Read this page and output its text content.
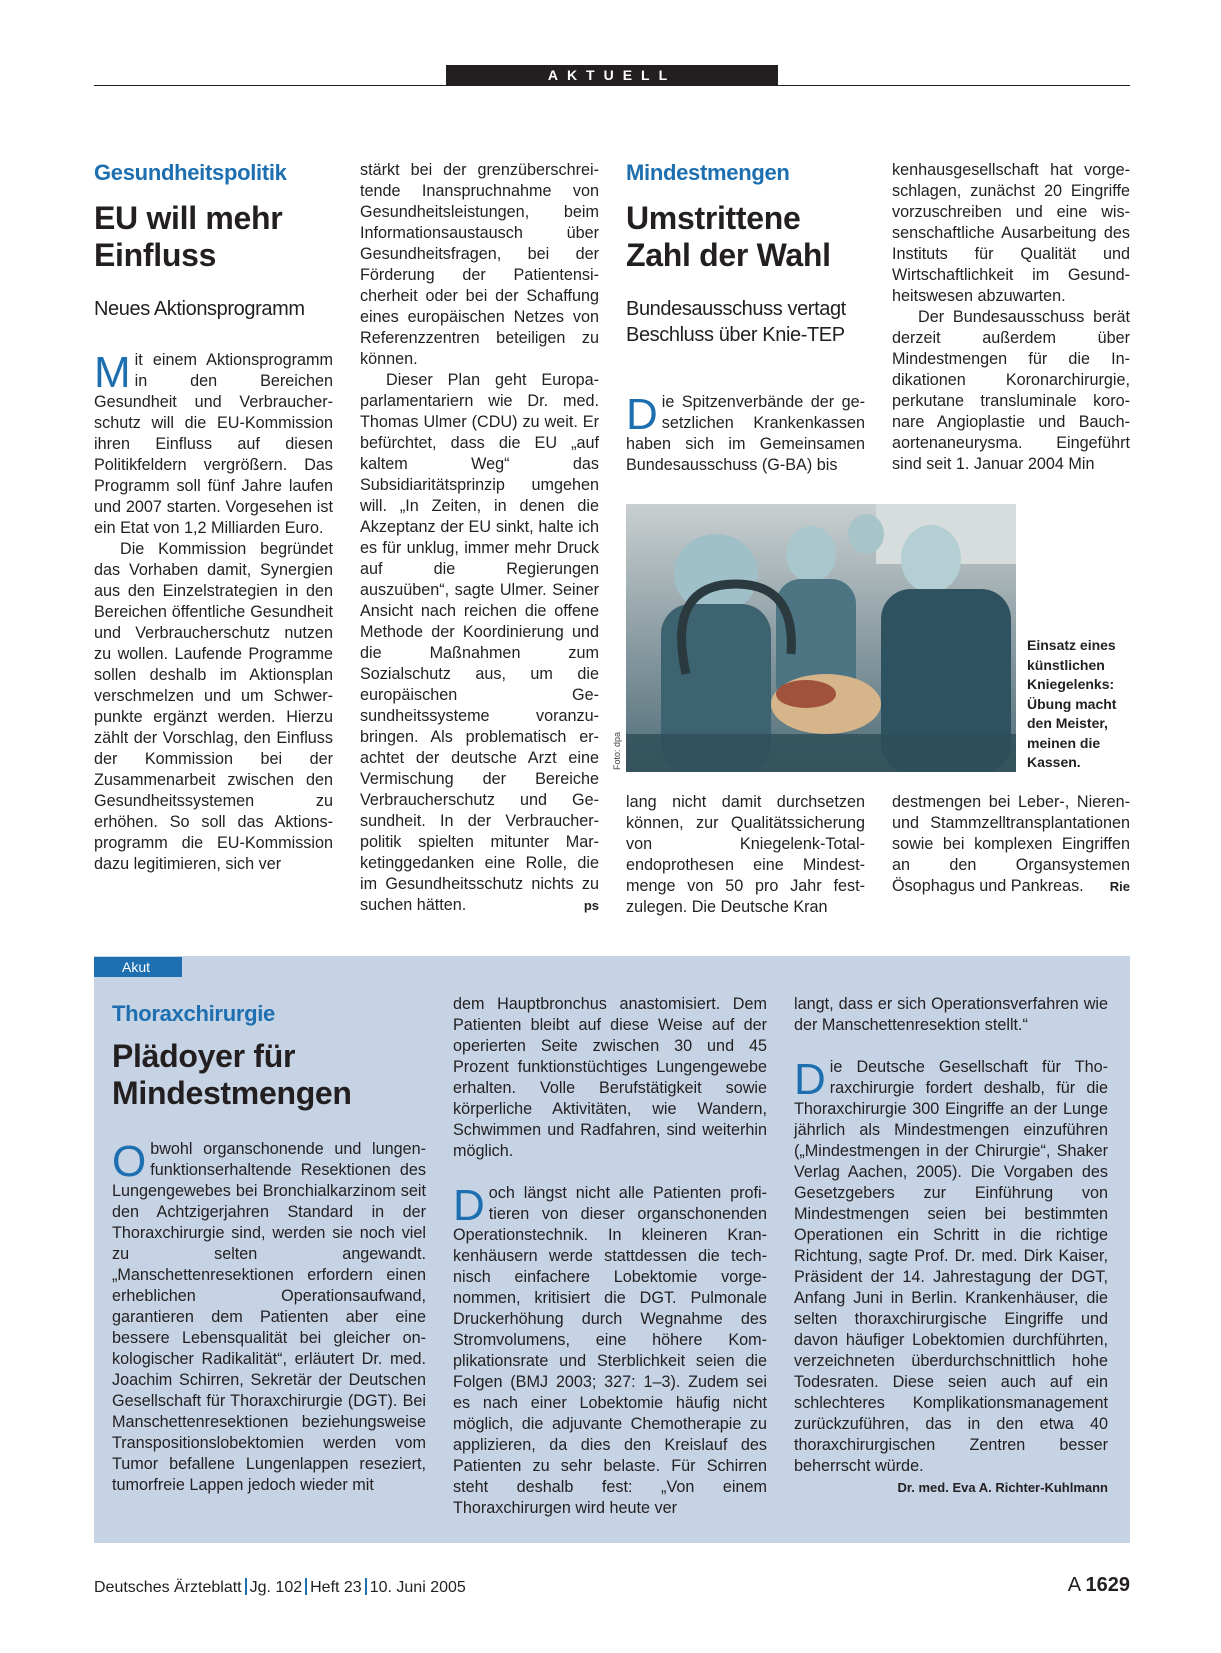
AKTUELL
Gesundheitspolitik
EU will mehr
Einfluss
Neues Aktionsprogramm

Mit einem Aktionsprogramm in den Bereichen Gesundheit und Verbraucherschutz will die EU-Kommission ihren Einfluss auf diesen Politikfeldern vergrößern. Das Programm soll fünf Jahre laufen und 2007 starten. Vorgesehen ist ein Etat von 1,2 Milliarden Euro.

Die Kommission begründet das Vorhaben damit, Synergien aus den Einzelstrategien in den Bereichen öffentliche Gesundheit und Verbraucherschutz nutzen zu wollen. Laufende Programme sollen deshalb im Aktionsplan verschmelzen und um Schwerpunkte ergänzt werden. Hierzu zählt der Vorschlag, den Einfluss der Kommission bei der Zusammenarbeit zwischen den Gesundheitssystemen zu erhöhen. So soll das Aktionsprogramm die EU-Kommission dazu legitimieren, sich ver

stärkt bei der grenzüberschreitende Inanspruchnahme von Gesundheitsleistungen, beim Informationsaustausch über Gesundheitsfragen, bei der Förderung der Patientensicherheit oder bei der Schaffung eines europäischen Netzes von Referenzzentren beteiligen zu können.

Dieser Plan geht Europaparlamentariern wie Dr. med. Thomas Ulmer (CDU) zu weit. Er befürchtet, dass die EU „auf kaltem Weg“ das Subsidiaritätsprinzip umgehen will. „In Zeiten, in denen die Akzeptanz der EU sinkt, halte ich es für unklug, immer mehr Druck auf die Regierungen auszuüben“, sagte Ulmer. Seiner Ansicht nach reichen die offene Methode der Koordinierung und die Maßnahmen zum Sozialschutz aus, um die europäischen Gesundheitssysteme voranzubringen. Als problematisch erachtet der deutsche Arzt eine Vermischung der Bereiche Verbraucherschutz und Gesundheit. In der Verbraucherpolitik spielten mitunter Marketinggedanken eine Rolle, die im Gesundheitsschutz nichts zu suchen hätten.	ps

Mindestmengen
Umstrittene
Zahl der Wahl
Bundesausschuss vertagt
Beschluss über Knie-TEP

Die Spitzenverbände der gesetzlichen Krankenkassen haben sich im Gemeinsamen Bundesausschuss (G-BA) bis

kenhausgesellschaft hat vorgeschlagen, zunächst 20 Eingriffe vorzuschreiben und eine wissenschaftliche Ausarbeitung des Instituts für Qualität und Wirtschaftlichkeit im Gesundheitswesen abzuwarten.

Der Bundesausschuss berät derzeit außerdem über Mindestmengen für die Indikationen Koronarchirurgie, perkutane transluminale koronare Angioplastie und Bauchaortenaneurysma. Eingeführt sind seit 1. Januar 2004 Min

Foto: dpa
Einsatz eines künstlichen Kniegelenks: Übung macht den Meister, meinen die Kassen.

lang nicht damit durchsetzen können, zur Qualitätssicherung von Kniegelenk-Totalendoprothesen eine Mindestmenge von 50 pro Jahr festzulegen. Die Deutsche Kran

destmengen bei Leber-, Nieren- und Stammzelltransplantationen sowie bei komplexen Eingriffen an den Organsystemen Ösophagus und Pankreas. Rie

Akut
Thoraxchirurgie
Plädoyer für
Mindestmengen

Obwohl organschonende und lungenfunktionserhaltende Resektionen des Lungengewebes bei Bronchialkarzinom seit den Achtzigerjahren Standard in der Thoraxchirurgie sind, werden sie noch viel zu selten angewandt. „Manschettenresektionen erfordern einen erheblichen Operationsaufwand, garantieren dem Patienten aber eine bessere Lebensqualität bei gleicher onkologischer Radikalität“, erläutert Dr. med. Joachim Schirren, Sekretär der Deutschen Gesellschaft für Thoraxchirurgie (DGT). Bei Manschettenresektionen beziehungsweise Transpositionslobektomien werden vom Tumor befallene Lungenlappen reseziert, tumorfreie Lappen jedoch wieder mit

dem Hauptbronchus anastomisiert. Dem Patienten bleibt auf diese Weise auf der operierten Seite zwischen 30 und 45 Prozent funktionstüchtiges Lungengewebe erhalten. Volle Berufstätigkeit sowie körperliche Aktivitäten, wie Wandern, Schwimmen und Radfahren, sind weiterhin möglich.

Doch längst nicht alle Patienten profitieren von dieser organschonenden Operationstechnik. In kleineren Krankenhäusern werde stattdessen die technisch einfachere Lobektomie vorgenommen, kritisiert die DGT. Pulmonale Druckerhöhung durch Wegnahme des Stromvolumens, eine höhere Komplikationsrate und Sterblichkeit seien die Folgen (BMJ 2003; 327: 1–3). Zudem sei es nach einer Lobektomie häufig nicht möglich, die adjuvante Chemotherapie zu applizieren, da dies den Kreislauf des Patienten zu sehr belaste. Für Schirren steht deshalb fest: „Von einem Thoraxchirurgen wird heute ver

langt, dass er sich Operationsverfahren wie der Manschettenresektion stellt.“

Die Deutsche Gesellschaft für Thoraxchirurgie fordert deshalb, für die Thoraxchirurgie 300 Eingriffe an der Lunge jährlich als Mindestmengen einzuführen („Mindestmengen in der Chirurgie“, Shaker Verlag Aachen, 2005). Die Vorgaben des Gesetzgebers zur Einführung von Mindestmengen seien bei bestimmten Operationen ein Schritt in die richtige Richtung, sagte Prof. Dr. med. Dirk Kaiser, Präsident der 14. Jahrestagung der DGT, Anfang Juni in Berlin. Krankenhäuser, die selten thoraxchirurgische Eingriffe und davon häufiger Lobektomien durchführten, verzeichneten überdurchschnittlich hohe Todesraten. Diese seien auch auf ein schlechteres Komplikationsmanagement zurückzuführen, das in den etwa 40 thoraxchirurgischen Zentren besser beherrscht würde.
Dr. med. Eva A. Richter-Kuhlmann

Deutsches Ärzteblatt Jg. 102 Heft 23 10. Juni 2005	A 1629
